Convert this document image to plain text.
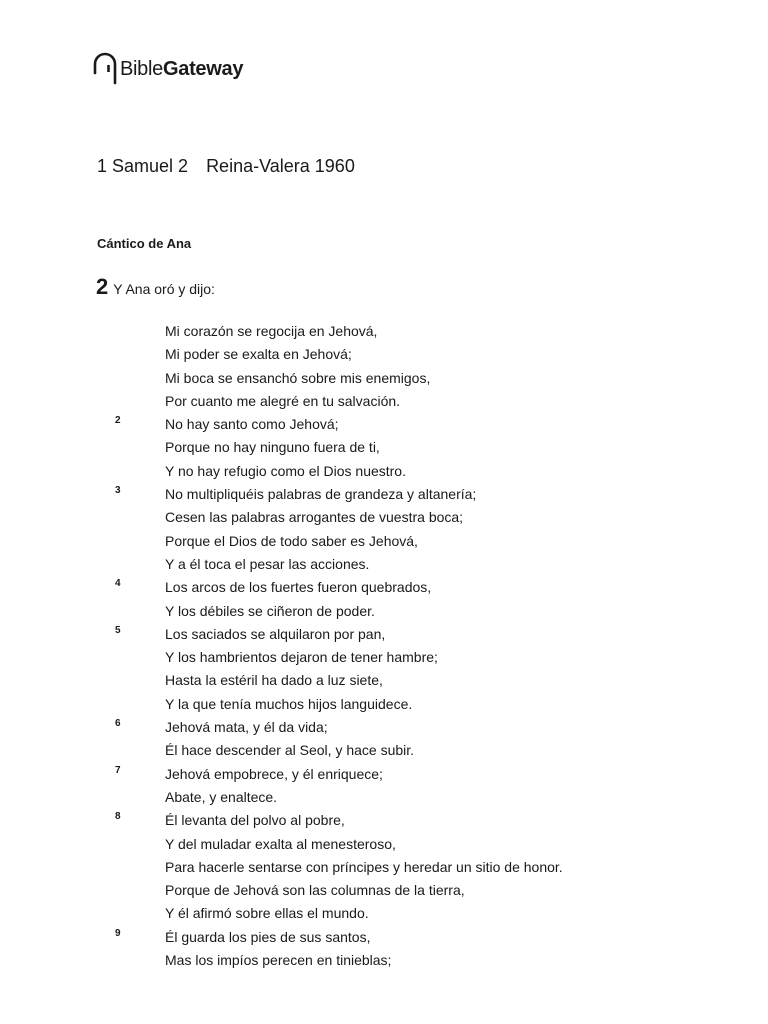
BibleGateway
1 Samuel 2 Reina-Valera 1960
Cántico de Ana
2 Y Ana oró y dijo:
Mi corazón se regocija en Jehová,
Mi poder se exalta en Jehová;
Mi boca se ensanchó sobre mis enemigos,
Por cuanto me alegré en tu salvación.
2	No hay santo como Jehová;
Porque no hay ninguno fuera de ti,
Y no hay refugio como el Dios nuestro.
3	No multipliquéis palabras de grandeza y altanería;
Cesen las palabras arrogantes de vuestra boca;
Porque el Dios de todo saber es Jehová,
Y a él toca el pesar las acciones.
4	Los arcos de los fuertes fueron quebrados,
Y los débiles se ciñeron de poder.
5	Los saciados se alquilaron por pan,
Y los hambrientos dejaron de tener hambre;
Hasta la estéril ha dado a luz siete,
Y la que tenía muchos hijos languidece.
6	Jehová mata, y él da vida;
Él hace descender al Seol, y hace subir.
7	Jehová empobrece, y él enriquece;
Abate, y enaltece.
8	Él levanta del polvo al pobre,
Y del muladar exalta al menesteroso,
Para hacerle sentarse con príncipes y heredar un sitio de honor.
Porque de Jehová son las columnas de la tierra,
Y él afirmó sobre ellas el mundo.
9	Él guarda los pies de sus santos,
Mas los impíos perecen en tinieblas;
